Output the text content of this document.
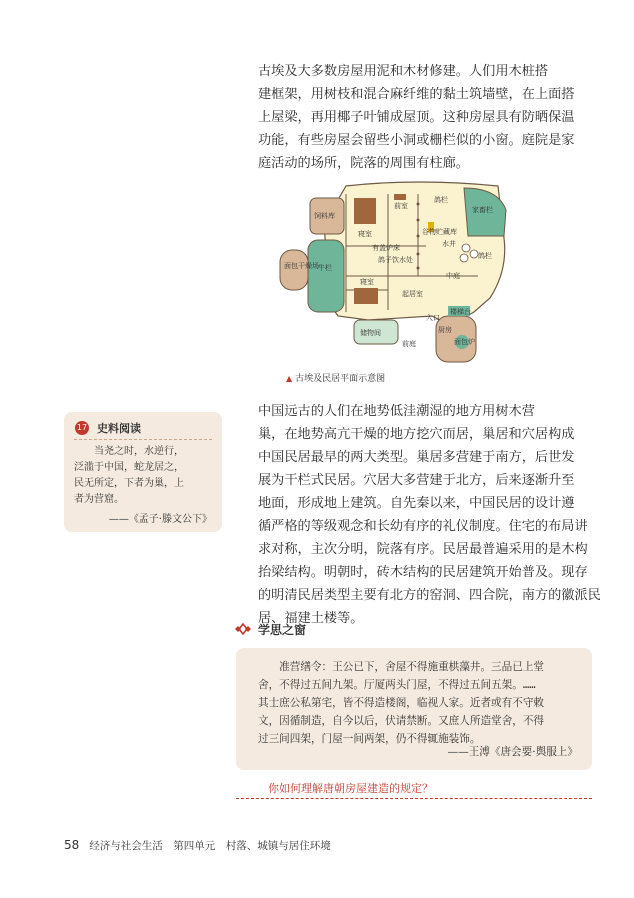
古埃及大多数房屋用泥和木材修建。人们用木桩搭
建框架，用树枝和混合麻纤维的黏土筑墙壁，在上面搭
上屋梁，再用椰子叶铺成屋顶。这种房屋具有防晒保温
功能，有些房屋会留些小洞或栅栏似的小窗。庭院是家
庭活动的场所，院落的周围有柱廊。
饲料库
牛栏
面包干燥场
家畜栏
储物间
前室
鸽栏
寝室	谷物贮藏库
有盖炉床	水井
鸽栏
鸽子饮水处
中庭
寝室
起居室
入口
楼梯台
厨房
面包炉
前庭
▲ 古埃及民居平面示意图
中国远古的人们在地势低洼潮湿的地方用树木营
巢，在地势高亢干燥的地方挖穴而居，巢居和穴居构成
中国民居最早的两大类型。巢居多营建于南方，后世发
展为干栏式民居。穴居大多营建于北方，后来逐渐升至
地面，形成地上建筑。自先秦以来，中国民居的设计遵
循严格的等级观念和长幼有序的礼仪制度。住宅的布局讲
求对称，主次分明，院落有序。民居最普遍采用的是木构
抬梁结构。明朝时，砖木结构的民居建筑开始普及。现存
的明清民居类型主要有北方的窑洞、四合院，南方的徽派民
居、福建土楼等。
17 史料阅读
　　当尧之时，水逆行，
泛滥于中国，蛇龙居之，
民无所定，下者为巢，上
者为营窟。
——《孟子·滕文公下》
学思之窗
　　准营缮令：王公已下，舍屋不得施重栱藻井。三品已上堂
舍，不得过五间九架。厅厦两头门屋，不得过五间五架。……
其士庶公私第宅，皆不得造楼阁，临视人家。近者或有不守敕
文，因循制造，自今以后，伏请禁断。又庶人所造堂舍，不得
过三间四架，门屋一间两架，仍不得辄施装饰。
——王溥《唐会要·舆服上》
你如何理解唐朝房屋建造的规定？
58 经济与社会生活　第四单元　村落、城镇与居住环境
